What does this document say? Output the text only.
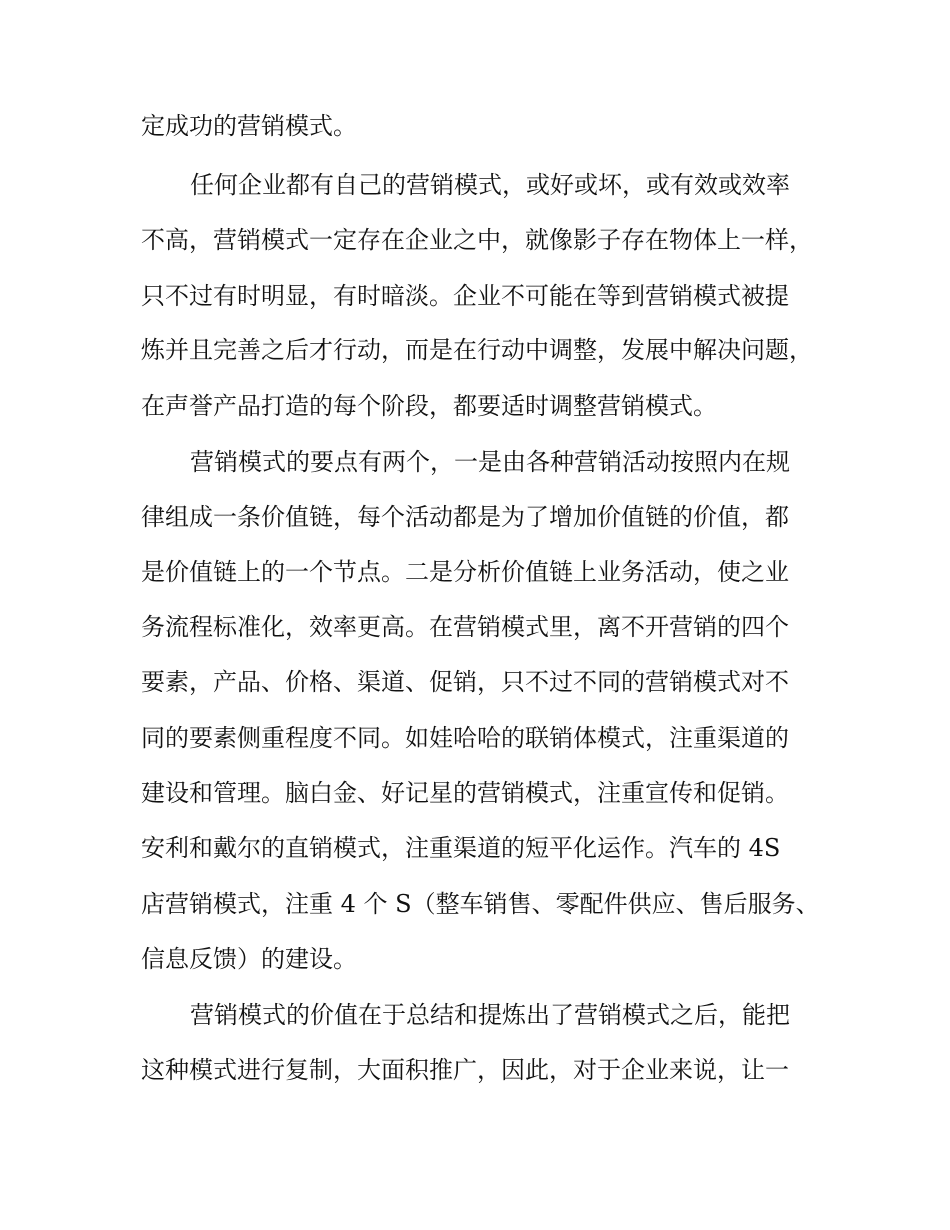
定成功的营销模式。
任何企业都有自己的营销模式，或好或坏，或有效或效率
不高，营销模式一定存在企业之中，就像影子存在物体上一样，
只不过有时明显，有时暗淡。企业不可能在等到营销模式被提
炼并且完善之后才行动，而是在行动中调整，发展中解决问题，
在声誉产品打造的每个阶段，都要适时调整营销模式。
营销模式的要点有两个，一是由各种营销活动按照内在规
律组成一条价值链，每个活动都是为了增加价值链的价值，都
是价值链上的一个节点。二是分析价值链上业务活动，使之业
务流程标准化，效率更高。在营销模式里，离不开营销的四个
要素，产品、价格、渠道、促销，只不过不同的营销模式对不
同的要素侧重程度不同。如娃哈哈的联销体模式，注重渠道的
建设和管理。脑白金、好记星的营销模式，注重宣传和促销。
安利和戴尔的直销模式，注重渠道的短平化运作。汽车的 4S
店营销模式，注重 4 个 S（整车销售、零配件供应、售后服务、
信息反馈）的建设。
营销模式的价值在于总结和提炼出了营销模式之后，能把
这种模式进行复制，大面积推广，因此，对于企业来说，让一
